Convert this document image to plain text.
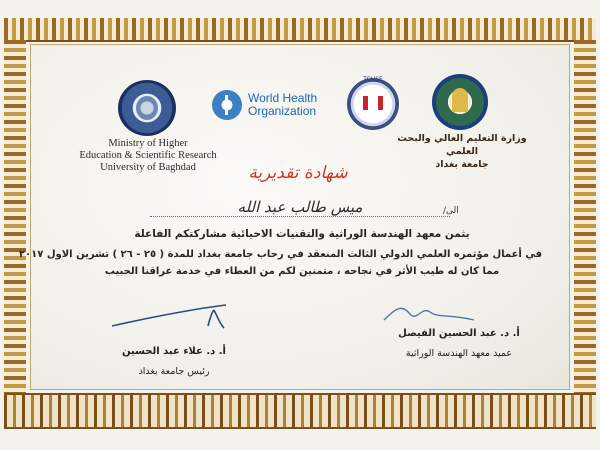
World Health
Organization
TCHSE
Ministry of Higher
Education & Scientific Research
University of Baghdad
وزارة التعليم العالي والبحث العلمي
جامعة بغداد
شهادة تقديرية
الى/
ميس طالب عبد الله
يثمن معهد الهندسة الوراثية والتقنيات الاحيائية مشاركتكم الفاعلة
في أعمال مؤتمره العلمي الدولي الثالث المنعقد في رحاب جامعة بغداد للمدة ( ٢٥ - ٢٦ ) تشرين الاول ٢٠١٧
مما كان له طيب الأثر في نجاحه ، متمنين لكم من العطاء في خدمة عراقنا الحبيب
أ. د. علاء عبد الحسين
رئيس جامعة بغداد
أ. د. عبد الحسين الفيصل
عميد معهد الهندسة الوراثية
